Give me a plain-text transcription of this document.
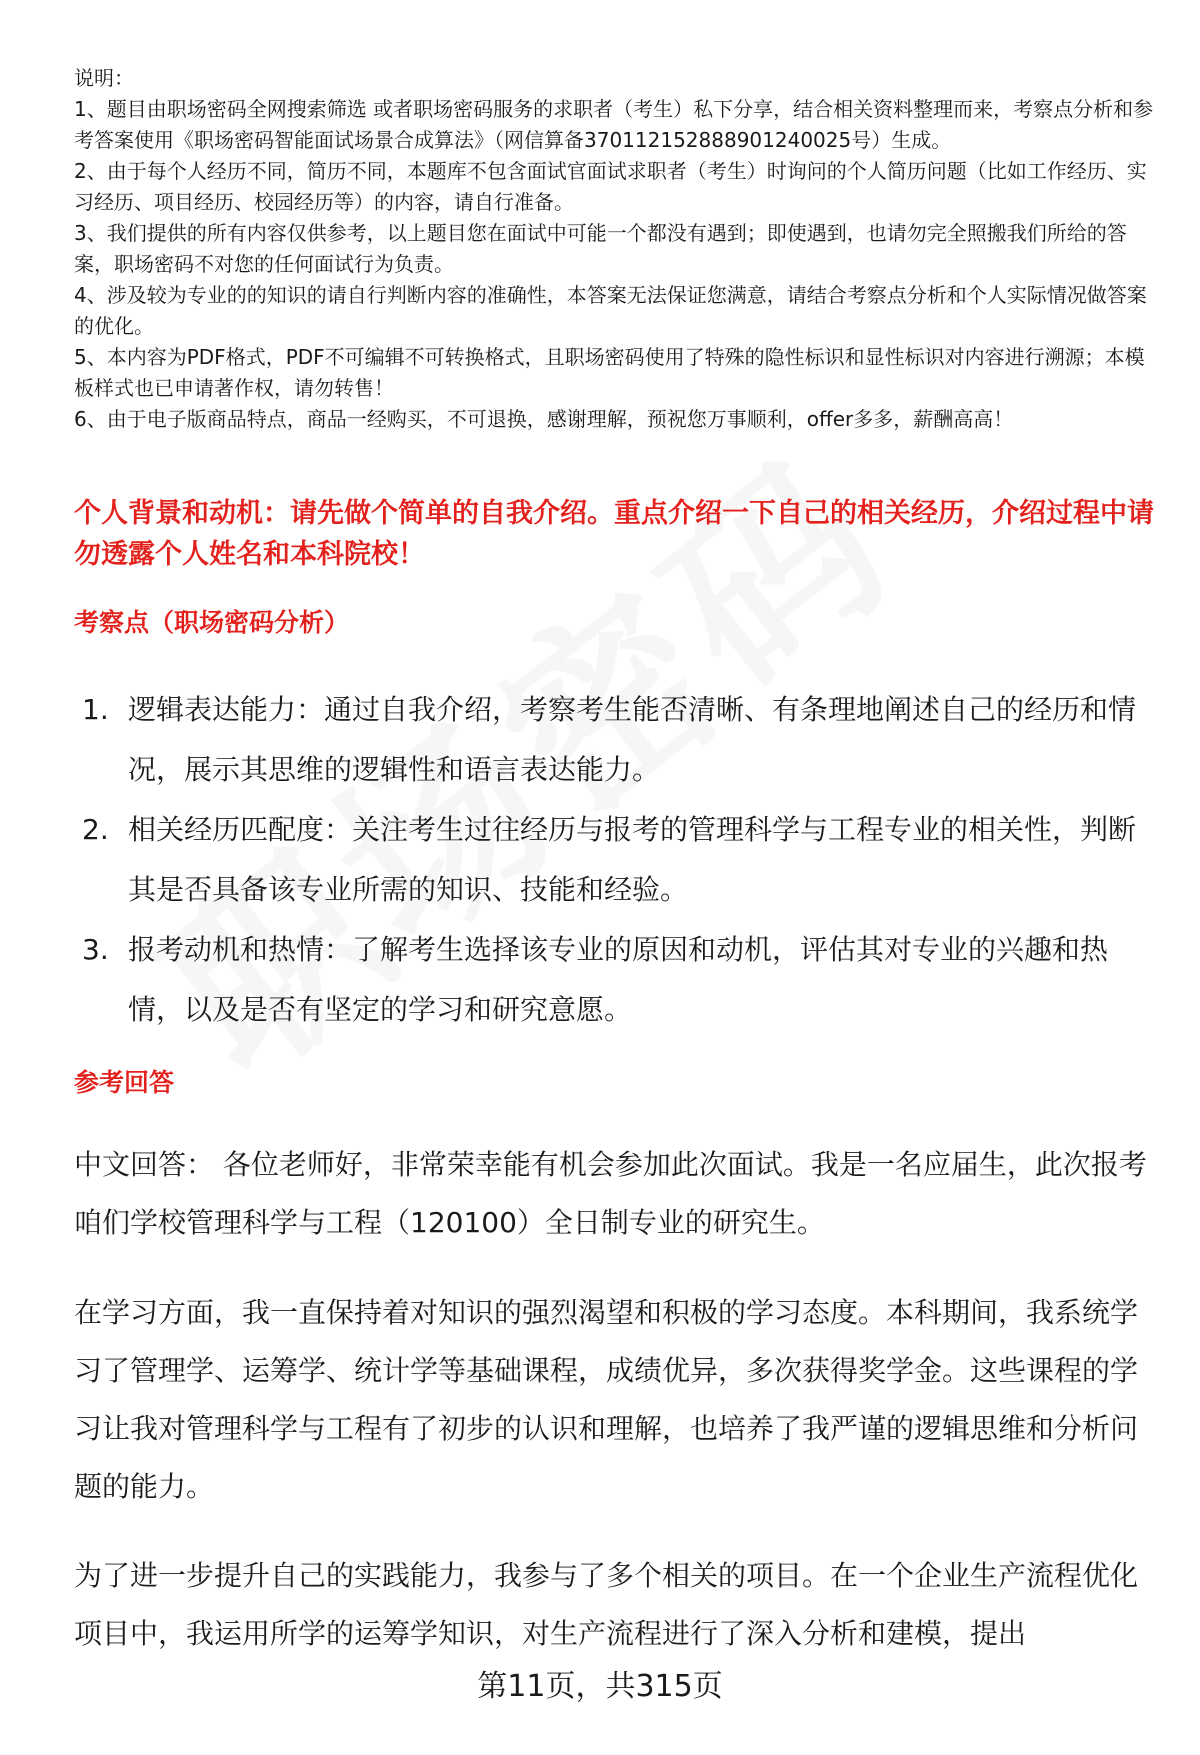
说明：

1、题目由职场密码全网搜索筛选 或者职场密码服务的求职者（考生）私下分享，结合相关资料整理而来，考察点分析和参考答案使用《职场密码智能面试场景合成算法》（网信算备370112152888901240025号）生成。

2、由于每个人经历不同，简历不同，本题库不包含面试官面试求职者（考生）时询问的个人简历问题（比如工作经历、实习经历、项目经历、校园经历等）的内容，请自行准备。

3、我们提供的所有内容仅供参考，以上题目您在面试中可能一个都没有遇到；即使遇到，也请勿完全照搬我们所给的答案，职场密码不对您的任何面试行为负责。

4、涉及较为专业的的知识的请自行判断内容的准确性，本答案无法保证您满意，请结合考察点分析和个人实际情况做答案的优化。

5、本内容为PDF格式，PDF不可编辑不可转换格式，且职场密码使用了特殊的隐性标识和显性标识对内容进行溯源；本模板样式也已申请著作权，请勿转售！

6、由于电子版商品特点，商品一经购买，不可退换，感谢理解，预祝您万事顺利，offer多多，薪酬高高！

个人背景和动机：请先做个简单的自我介绍。重点介绍一下自己的相关经历，介绍过程中请勿透露个人姓名和本科院校！
考察点（职场密码分析）
1. 逻辑表达能力：通过自我介绍，考察考生能否清晰、有条理地阐述自己的经历和情况，展示其思维的逻辑性和语言表达能力。
2. 相关经历匹配度：关注考生过往经历与报考的管理科学与工程专业的相关性，判断其是否具备该专业所需的知识、技能和经验。
3. 报考动机和热情：了解考生选择该专业的原因和动机，评估其对专业的兴趣和热情，以及是否有坚定的学习和研究意愿。
参考回答

中文回答： 各位老师好，非常荣幸能有机会参加此次面试。我是一名应届生，此次报考咱们学校管理科学与工程（120100）全日制专业的研究生。

在学习方面，我一直保持着对知识的强烈渴望和积极的学习态度。本科期间，我系统学习了管理学、运筹学、统计学等基础课程，成绩优异，多次获得奖学金。这些课程的学习让我对管理科学与工程有了初步的认识和理解，也培养了我严谨的逻辑思维和分析问题的能力。

为了进一步提升自己的实践能力，我参与了多个相关的项目。在一个企业生产流程优化项目中，我运用所学的运筹学知识，对生产流程进行了深入分析和建模，提出

第11页，共315页
